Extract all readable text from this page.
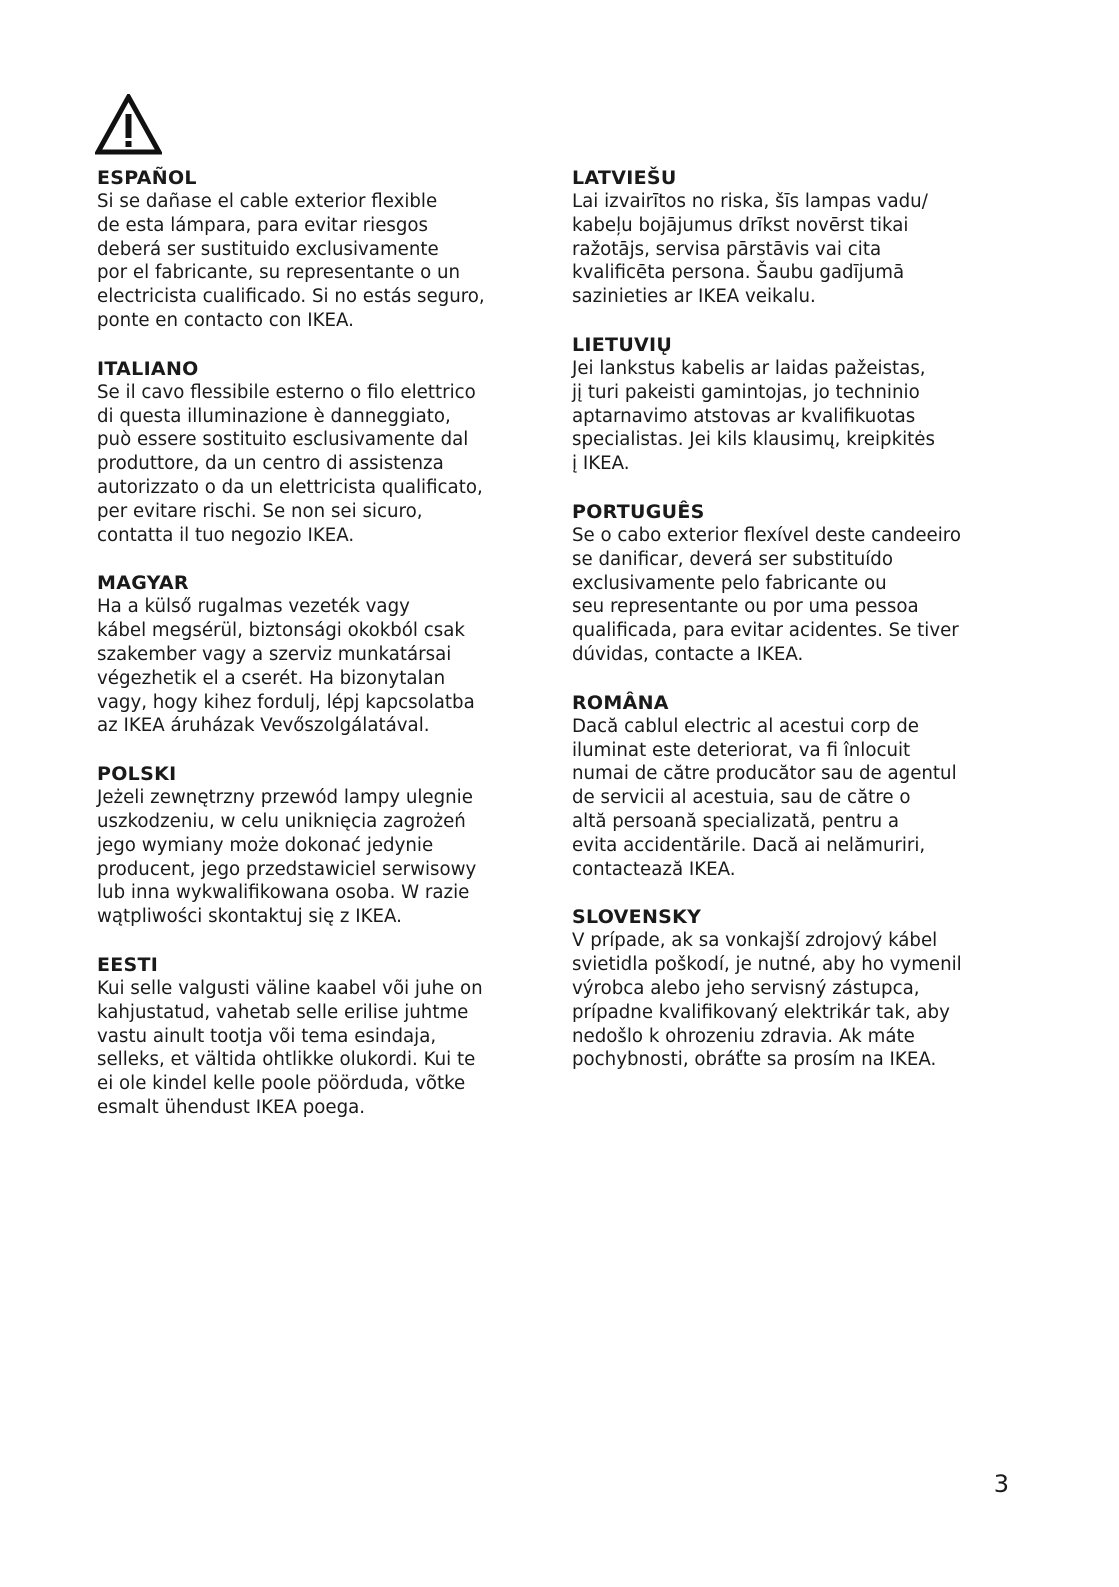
ESPAÑOL

Si se dañase el cable exterior flexible
de esta lámpara, para evitar riesgos
deberá ser sustituido exclusivamente
por el fabricante, su representante o un
electricista cualificado. Si no estás seguro,
ponte en contacto con IKEA.

ITALIANO

Se il cavo flessibile esterno o filo elettrico
di questa illuminazione è danneggiato,
può essere sostituito esclusivamente dal
produttore, da un centro di assistenza
autorizzato o da un elettricista qualificato,
per evitare rischi. Se non sei sicuro,
contatta il tuo negozio IKEA.

MAGYAR

Ha a külső rugalmas vezeték vagy
kábel megsérül, biztonsági okokból csak
szakember vagy a szerviz munkatársai
végezhetik el a cserét. Ha bizonytalan
vagy, hogy kihez fordulj, lépj kapcsolatba
az IKEA áruházak Vevőszolgálatával.

POLSKI

Jeżeli zewnętrzny przewód lampy ulegnie
uszkodzeniu, w celu uniknięcia zagrożeń
jego wymiany może dokonać jedynie
producent, jego przedstawiciel serwisowy
lub inna wykwalifikowana osoba. W razie
wątpliwości skontaktuj się z IKEA.

EESTI

Kui selle valgusti väline kaabel või juhe on
kahjustatud, vahetab selle erilise juhtme
vastu ainult tootja või tema esindaja,
selleks, et vältida ohtlikke olukordi. Kui te
ei ole kindel kelle poole pöörduda, võtke
esmalt ühendust IKEA poega.

LATVIEŠU

Lai izvairītos no riska, šīs lampas vadu/
kabeļu bojājumus drīkst novērst tikai
ražotājs, servisa pārstāvis vai cita
kvalificēta persona. Šaubu gadījumā
sazinieties ar IKEA veikalu.

LIETUVIŲ

Jei lankstus kabelis ar laidas pažeistas,
jį turi pakeisti gamintojas, jo techninio
aptarnavimo atstovas ar kvalifikuotas
specialistas. Jei kils klausimų, kreipkitės
į IKEA.

PORTUGUÊS

Se o cabo exterior flexível deste candeeiro
se danificar, deverá ser substituído
exclusivamente pelo fabricante ou
seu representante ou por uma pessoa
qualificada, para evitar acidentes. Se tiver
dúvidas, contacte a IKEA.

ROMÂNA

Dacă cablul electric al acestui corp de
iluminat este deteriorat, va fi înlocuit
numai de către producător sau de agentul
de servicii al acestuia, sau de către o
altă persoană specializată, pentru a
evita accidentările. Dacă ai nelămuriri,
contactează IKEA.

SLOVENSKY

V prípade, ak sa vonkajší zdrojový kábel
svietidla poškodí, je nutné, aby ho vymenil
výrobca alebo jeho servisný zástupca,
prípadne kvalifikovaný elektrikár tak, aby
nedošlo k ohrozeniu zdravia. Ak máte
pochybnosti, obráťte sa prosím na IKEA.

3
